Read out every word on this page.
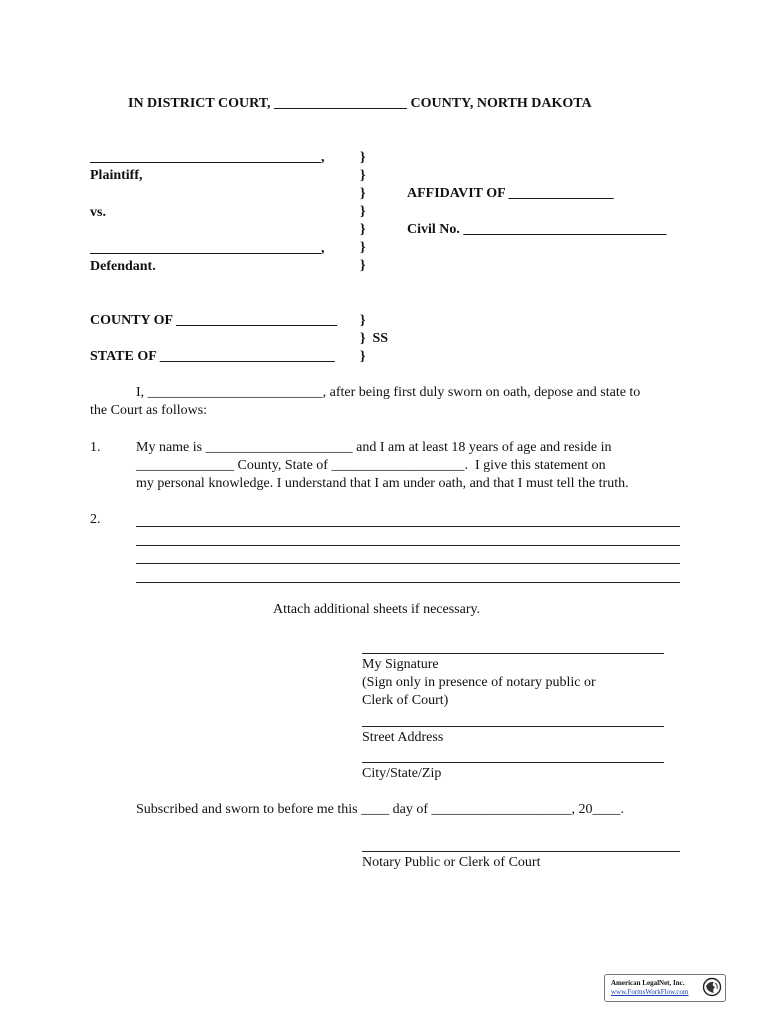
IN DISTRICT COURT, ___________________ COUNTY, NORTH DAKOTA
_________________________________,
Plaintiff,
vs.
_________________________________,
Defendant.
}
}
}
}
}
}
}
AFFIDAVIT OF _______________
Civil No. _____________________________
COUNTY OF _______________________
STATE OF _________________________
}
}  SS
}
I, _________________________, after being first duly sworn on oath, depose and state to
the Court as follows:
1.	My name is _____________________ and I am at least 18 years of age and reside in
______________ County, State of ___________________.  I give this statement on
my personal knowledge. I understand that I am under oath, and that I must tell the truth.
2.
Attach additional sheets if necessary.
My Signature
(Sign only in presence of notary public or
Clerk of Court)
Street Address
City/State/Zip
Subscribed and sworn to before me this ____ day of ____________________, 20____.
Notary Public or Clerk of Court
American LegalNet, Inc.
www.FormsWorkFlow.com
